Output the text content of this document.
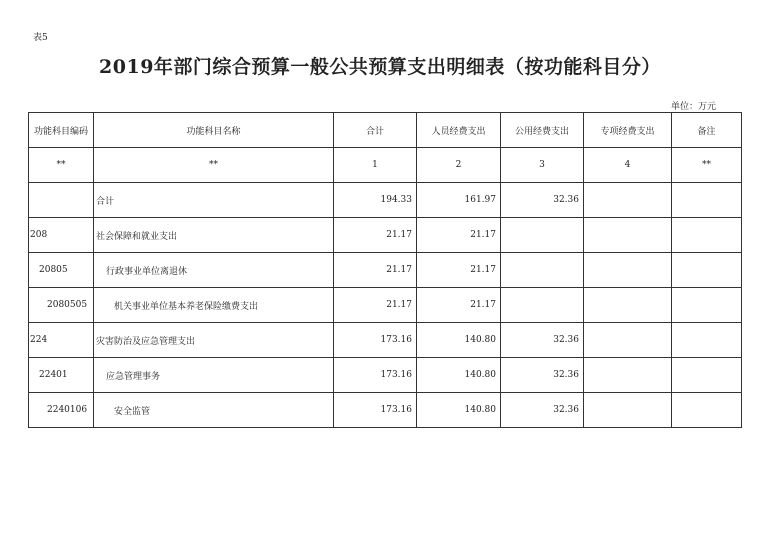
表5
2019年部门综合预算一般公共预算支出明细表（按功能科目分）
单位：万元
功能科目编码	功能科目名称	合计	人员经费支出	公用经费支出	专项经费支出	备注
**	**	1	2	3	4	**
	合计	194.33	161.97	32.36		
208	社会保障和就业支出	21.17	21.17			
20805	行政事业单位离退休	21.17	21.17			
2080505	机关事业单位基本养老保险缴费支出	21.17	21.17			
224	灾害防治及应急管理支出	173.16	140.80	32.36		
22401	应急管理事务	173.16	140.80	32.36		
2240106	安全监管	173.16	140.80	32.36		
